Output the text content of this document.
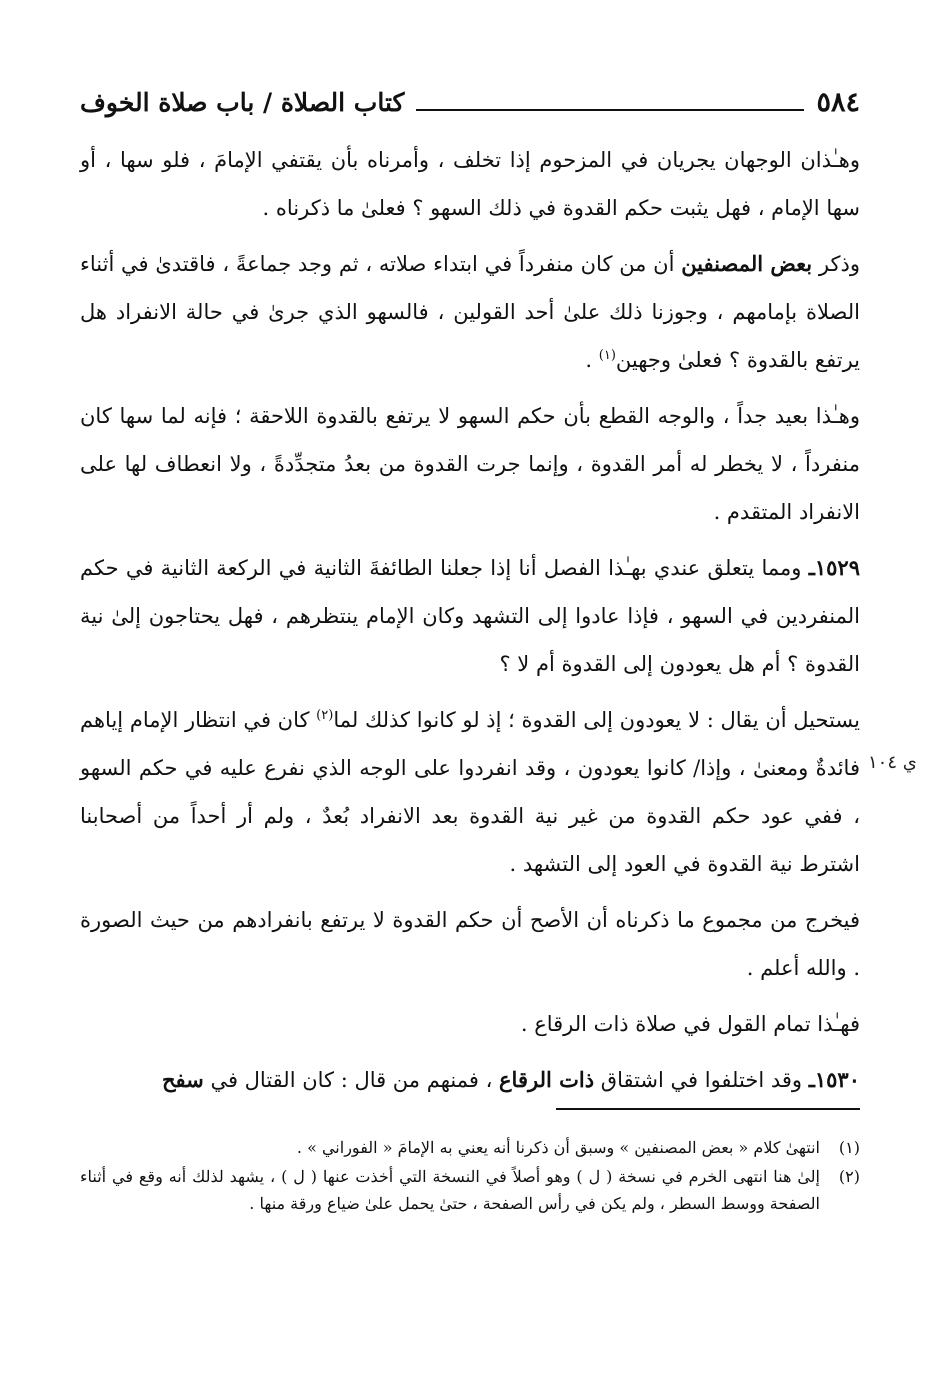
٥٨٤
كتاب الصلاة / باب صلاة الخوف

وهـٰذان الوجهان يجريان في المزحوم إذا تخلف ، وأمرناه بأن يقتفي الإمامَ ، فلو سها ، أو سها الإمام ، فهل يثبت حكم القدوة في ذلك السهو ؟ فعلىٰ ما ذكرناه .

وذكر بعض المصنفين أن من كان منفرداً في ابتداء صلاته ، ثم وجد جماعةً ، فاقتدىٰ في أثناء الصلاة بإمامهم ، وجوزنا ذلك علىٰ أحد القولين ، فالسهو الذي جرىٰ في حالة الانفراد هل يرتفع بالقدوة ؟ فعلىٰ وجهين$^{(١)}$ .

وهـٰذا بعيد جداً ، والوجه القطع بأن حكم السهو لا يرتفع بالقدوة اللاحقة ؛ فإنه لما سها كان منفرداً ، لا يخطر له أمر القدوة ، وإنما جرت القدوة من بعدُ متجدِّدةً ، ولا انعطاف لها على الانفراد المتقدم .

١٥٢٩ـ ومما يتعلق عندي بهـٰذا الفصل أنا إذا جعلنا الطائفةَ الثانية في الركعة الثانية في حكم المنفردين في السهو ، فإذا عادوا إلى التشهد وكان الإمام ينتظرهم ، فهل يحتاجون إلىٰ نية القدوة ؟ أم هل يعودون إلى القدوة أم لا ؟

يستحيل أن يقال : لا يعودون إلى القدوة ؛ إذ لو كانوا كذلك لما$^{(٢)}$ كان في انتظار الإمام إياهم فائدةٌ ومعنىٰ ، وإذا/ كانوا يعودون ، وقد انفردوا على الوجه الذي نفرع عليه في حكم السهو ، ففي عود حكم القدوة من غير نية القدوة بعد الانفراد بُعدٌ ، ولم أر أحداً من أصحابنا اشترط نية القدوة في العود إلى التشهد .

فيخرج من مجموع ما ذكرناه أن الأصح أن حكم القدوة لا يرتفع بانفرادهم من حيث الصورة . والله أعلم .

فهـٰذا تمام القول في صلاة ذات الرقاع .

١٥٣٠ـ وقد اختلفوا في اشتقاق ذات الرقاع ، فمنهم من قال : كان القتال في سفح

ي ١٠٤
(١)
انتهىٰ كلام « بعض المصنفين » وسبق أن ذكرنا أنه يعني به الإمامَ « الفوراني » .
(٢)
إلىٰ هنا انتهى الخرم في نسخة ( ل ) وهو أصلاً في النسخة التي أخذت عنها ( ل ) ، يشهد لذلك أنه وقع في أثناء الصفحة ووسط السطر ، ولم يكن في رأس الصفحة ، حتىٰ يحمل علىٰ ضياع ورقة منها .
